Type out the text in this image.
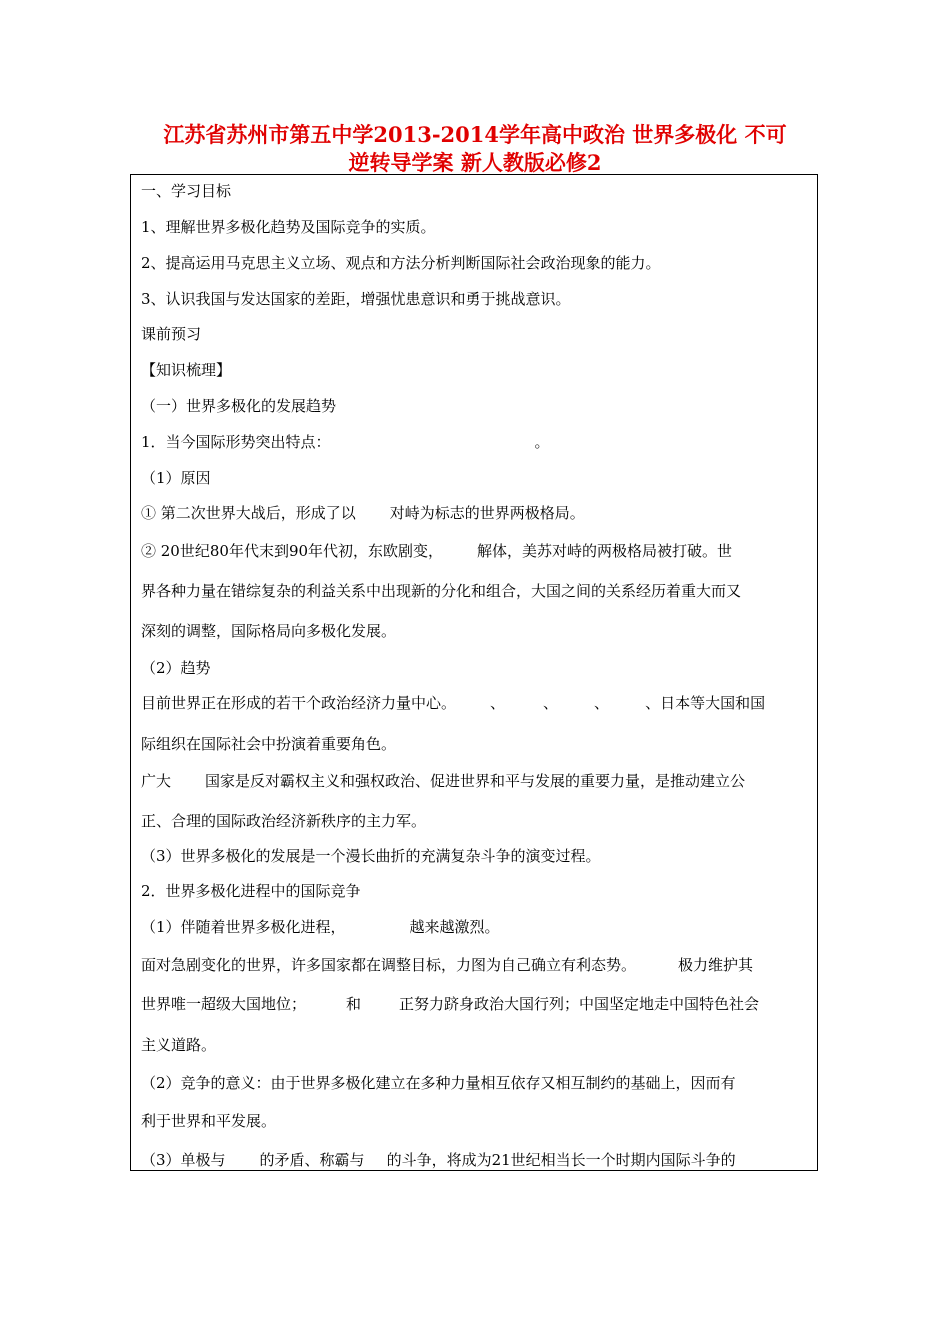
江苏省苏州市第五中学2013-2014学年高中政治 世界多极化 不可
逆转导学案 新人教版必修2
一、学习目标
1、理解世界多极化趋势及国际竞争的实质。
2、提高运用马克思主义立场、观点和方法分析判断国际社会政治现象的能力。
3、认识我国与发达国家的差距，增强忧患意识和勇于挑战意识。
课前预习
【知识梳理】
（一）世界多极化的发展趋势
1．当今国际形势突出特点：	。
（1）原因
① 第二次世界大战后，形成了以 对峙为标志的世界两极格局。
② 20世纪80年代末到90年代初，东欧剧变， 解体，美苏对峙的两极格局被打破。世
界各种力量在错综复杂的利益关系中出现新的分化和组合，大国之间的关系经历着重大而又
深刻的调整，国际格局向多极化发展。
（2）趋势
目前世界正在形成的若干个政治经济力量中心。 、	、 、 、日本等大国和国
际组织在国际社会中扮演着重要角色。
广大 国家是反对霸权主义和强权政治、促进世界和平与发展的重要力量，是推动建立公
正、合理的国际政治经济新秩序的主力军。
（3）世界多极化的发展是一个漫长曲折的充满复杂斗争的演变过程。
2．世界多极化进程中的国际竞争
（1）伴随着世界多极化进程，	越来越激烈。
面对急剧变化的世界，许多国家都在调整目标，力图为自己确立有利态势。	极力维护其
世界唯一超级大国地位；	和	正努力跻身政治大国行列；中国坚定地走中国特色社会
主义道路。
（2）竞争的意义：由于世界多极化建立在多种力量相互依存又相互制约的基础上，因而有
利于世界和平发展。
（3）单极与 的矛盾、称霸与 的斗争，将成为21世纪相当长一个时期内国际斗争的
